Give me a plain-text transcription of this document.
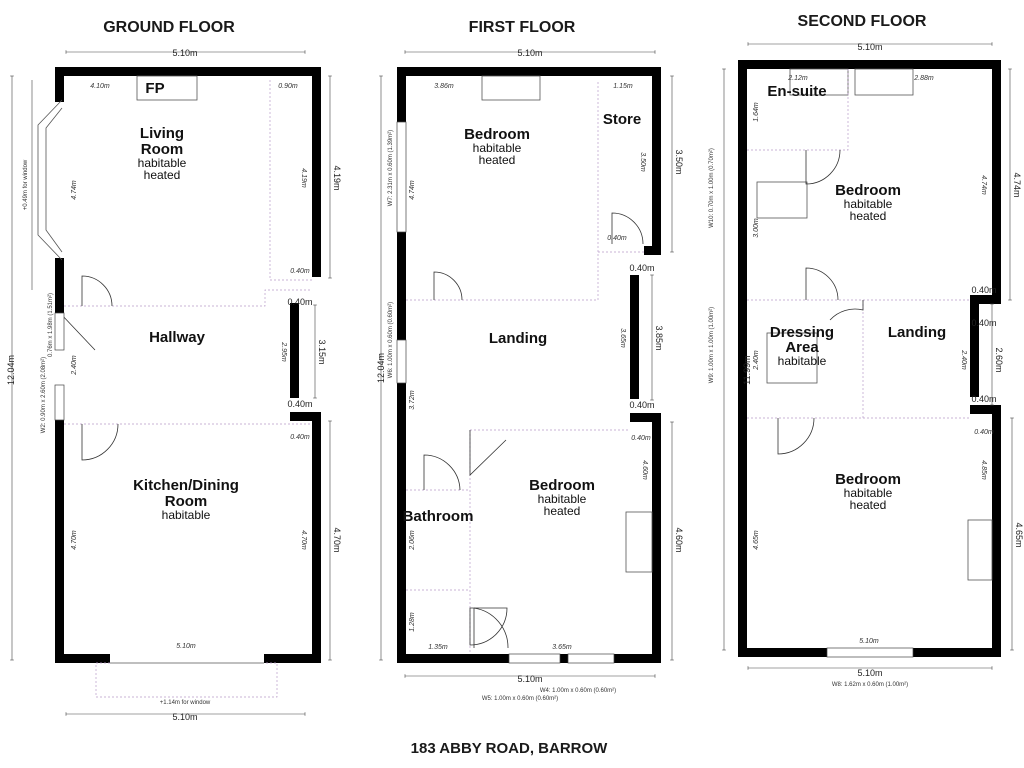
GROUND FLOOR
5.10m
12.04m
+0.49m for window
+1.14m for window
5.10m
FP
Living
Room
habitable
heated
Hallway
Kitchen/Dining
Room
habitable
4.10m	0.90m
4.74m
4.19m	4.19m
0.40m
0.40m
3.15m
2.95m
2.40m
0.76m x 1.98m (1.51m²)
W2: 0.90m x 2.60m (2.08m²)	0.40m
0.40m
4.70m	4.70m	4.70m
5.10m
FIRST FLOOR
5.10m
Bedroom
habitable
heated
Store
Landing
Bedroom
habitable
heated
Bathroom
3.86m	1.15m
3.50m	3.50m
4.74m
W7: 2.31m x 0.60m (1.39m²)
12.04m W6: 1.00m x 0.60m (0.60m²)
0.40m
0.40m
3.65m	3.85m
3.72m	0.40m
0.40m
4.60m
4.60m
2.06m
1.28m
1.35m	3.65m
5.10m
W4: 1.00m x 0.60m (0.60m²)
W5: 1.00m x 0.60m (0.60m²)
SECOND FLOOR
5.10m
En-suite
Bedroom
habitable
heated
Dressing
Area
habitable
Landing
Bedroom
habitable
heated
2.12m	2.88m
1.64m
4.74m	4.74m
3.00m
W10: 0.70m x 1.00m (0.70m²)
11.99m
W9: 1.00m x 1.00m (1.00m²)
0.40m
0.40m
2.40m	2.40m	2.60m
0.40m
0.40m
4.85m
4.65m
4.65m
5.10m
5.10m
W8: 1.62m x 0.60m (1.00m²)
183 ABBY ROAD, BARROW
